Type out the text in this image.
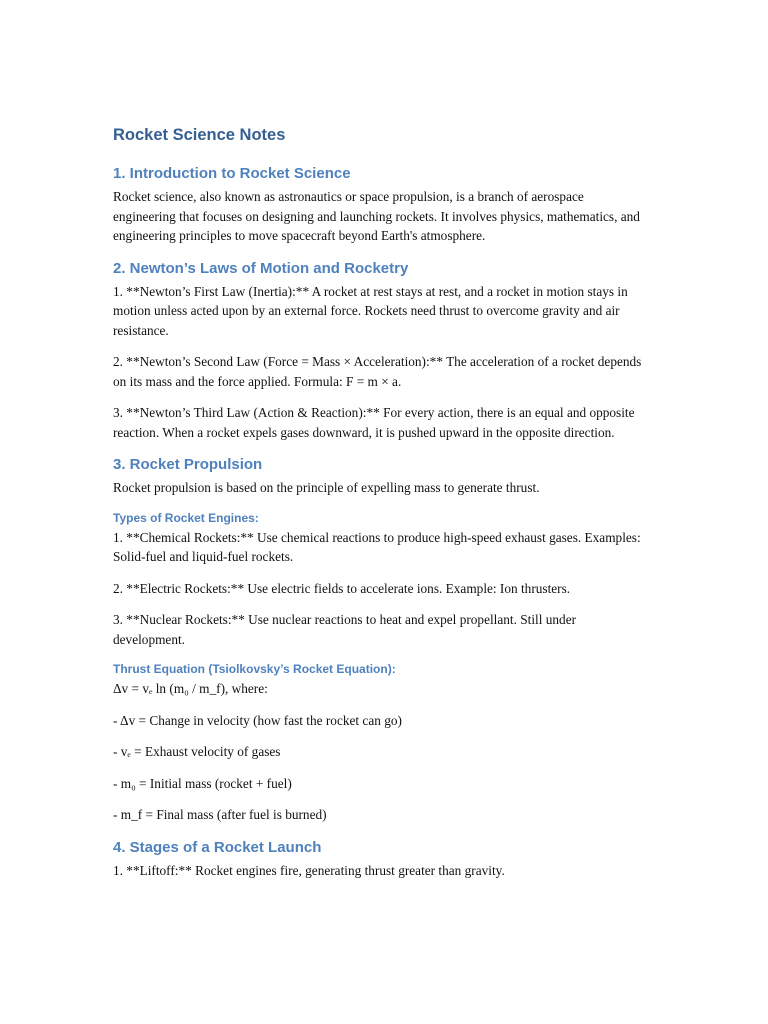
Rocket Science Notes
1. Introduction to Rocket Science

Rocket science, also known as astronautics or space propulsion, is a branch of aerospace engineering that focuses on designing and launching rockets. It involves physics, mathematics, and engineering principles to move spacecraft beyond Earth's atmosphere.

2. Newton’s Laws of Motion and Rocketry

1. **Newton’s First Law (Inertia):** A rocket at rest stays at rest, and a rocket in motion stays in motion unless acted upon by an external force. Rockets need thrust to overcome gravity and air resistance.

2. **Newton’s Second Law (Force = Mass × Acceleration):** The acceleration of a rocket depends on its mass and the force applied. Formula: F = m × a.

3. **Newton’s Third Law (Action & Reaction):** For every action, there is an equal and opposite reaction. When a rocket expels gases downward, it is pushed upward in the opposite direction.

3. Rocket Propulsion

Rocket propulsion is based on the principle of expelling mass to generate thrust.

Types of Rocket Engines:

1. **Chemical Rockets:** Use chemical reactions to produce high-speed exhaust gases. Examples: Solid-fuel and liquid-fuel rockets.

2. **Electric Rockets:** Use electric fields to accelerate ions. Example: Ion thrusters.

3. **Nuclear Rockets:** Use nuclear reactions to heat and expel propellant. Still under development.

Thrust Equation (Tsiolkovsky’s Rocket Equation):

Δv = vₑ ln (m₀ / m_f), where:

- Δv = Change in velocity (how fast the rocket can go)

- vₑ = Exhaust velocity of gases

- m₀ = Initial mass (rocket + fuel)

- m_f = Final mass (after fuel is burned)

4. Stages of a Rocket Launch

1. **Liftoff:** Rocket engines fire, generating thrust greater than gravity.
